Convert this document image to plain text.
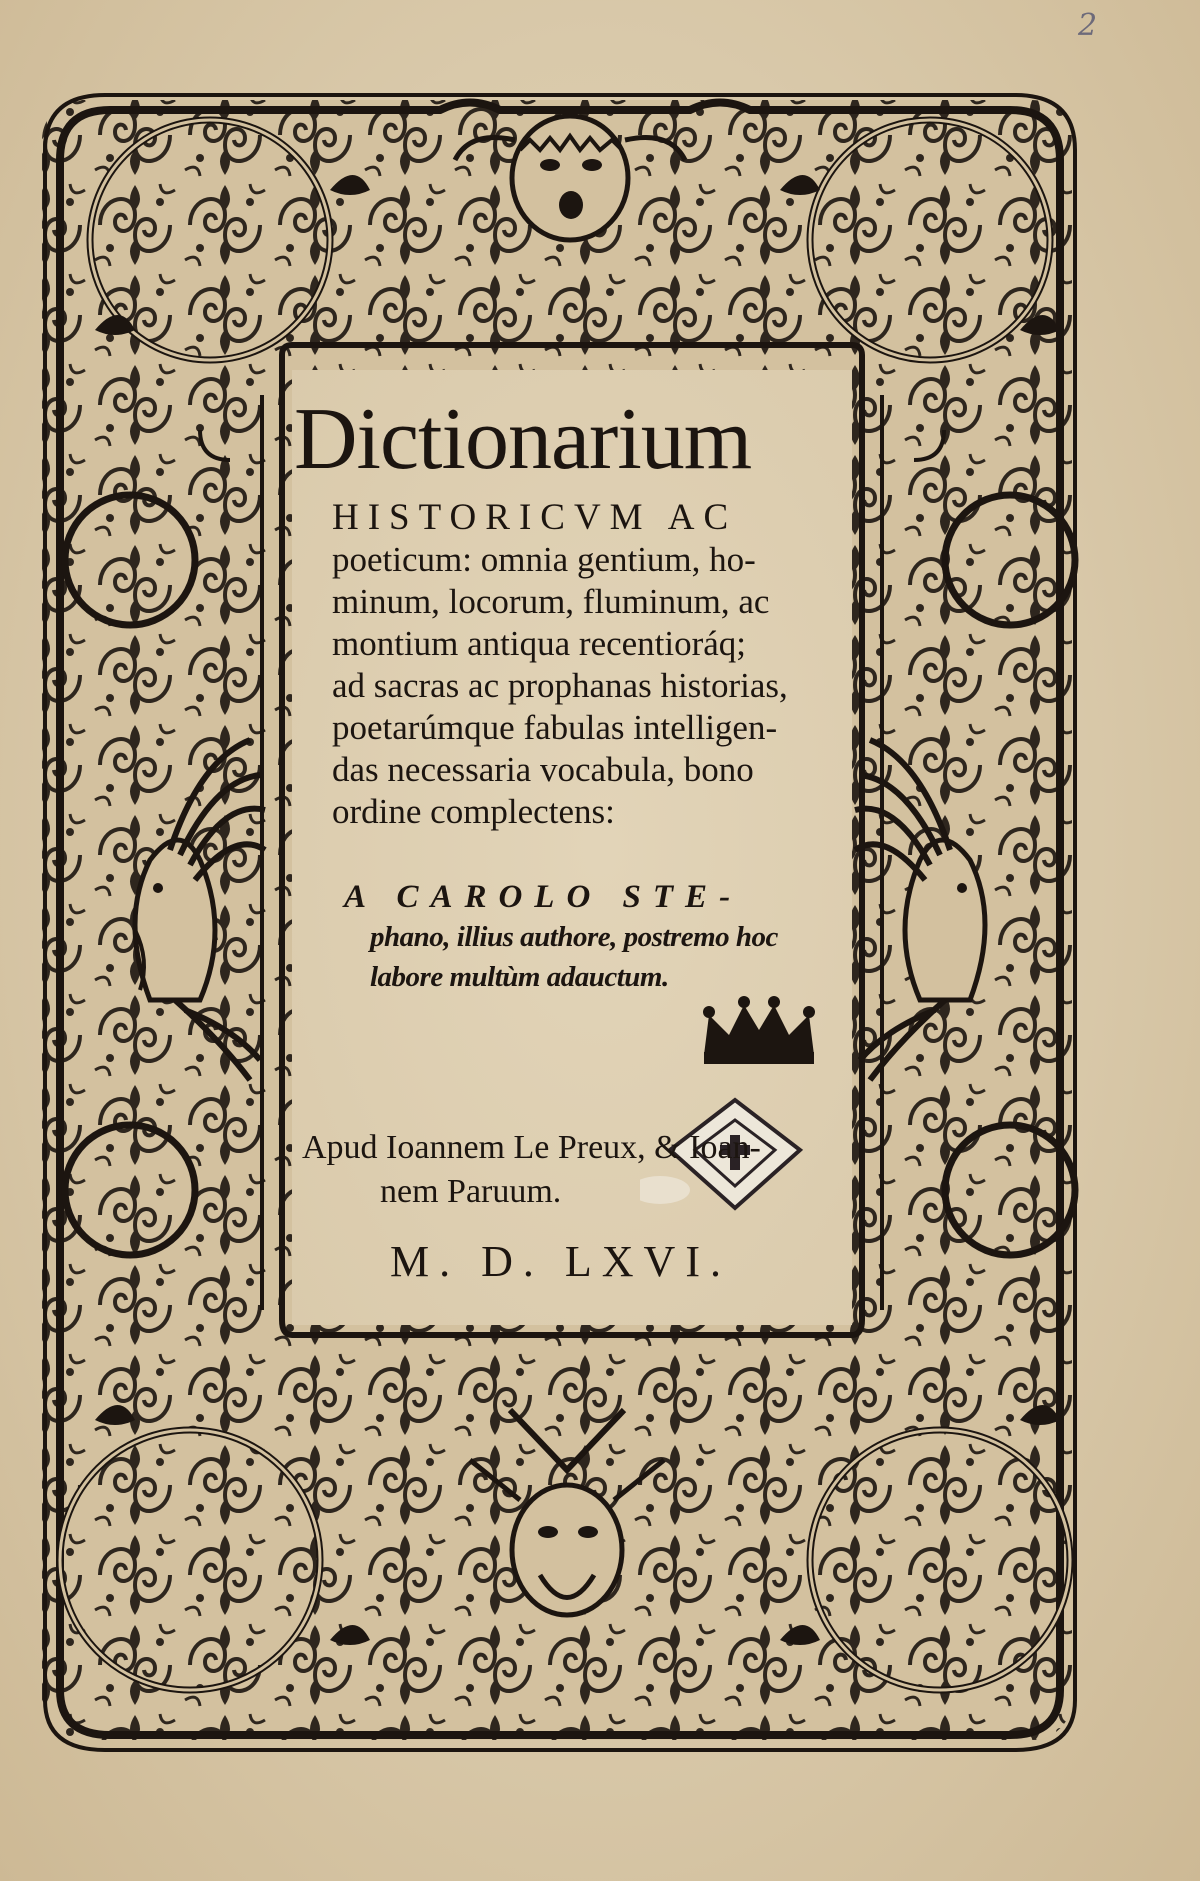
Dictionarium
HISTORICVM AC
poeticum: omnia gentium, ho-
minum, locorum, fluminum, ac
montium antiqua recentioráq;
ad sacras ac prophanas historias,
poetarúmque fabulas intelligen-
das necessaria vocabula, bono
ordine complectens:
A CAROLO STE-
phano, illius authore, postremo hoc
labore multùm adauctum.
Apud Ioannem Le Preux, & Ioan-
nem Paruum.
M. D. LXVI.
